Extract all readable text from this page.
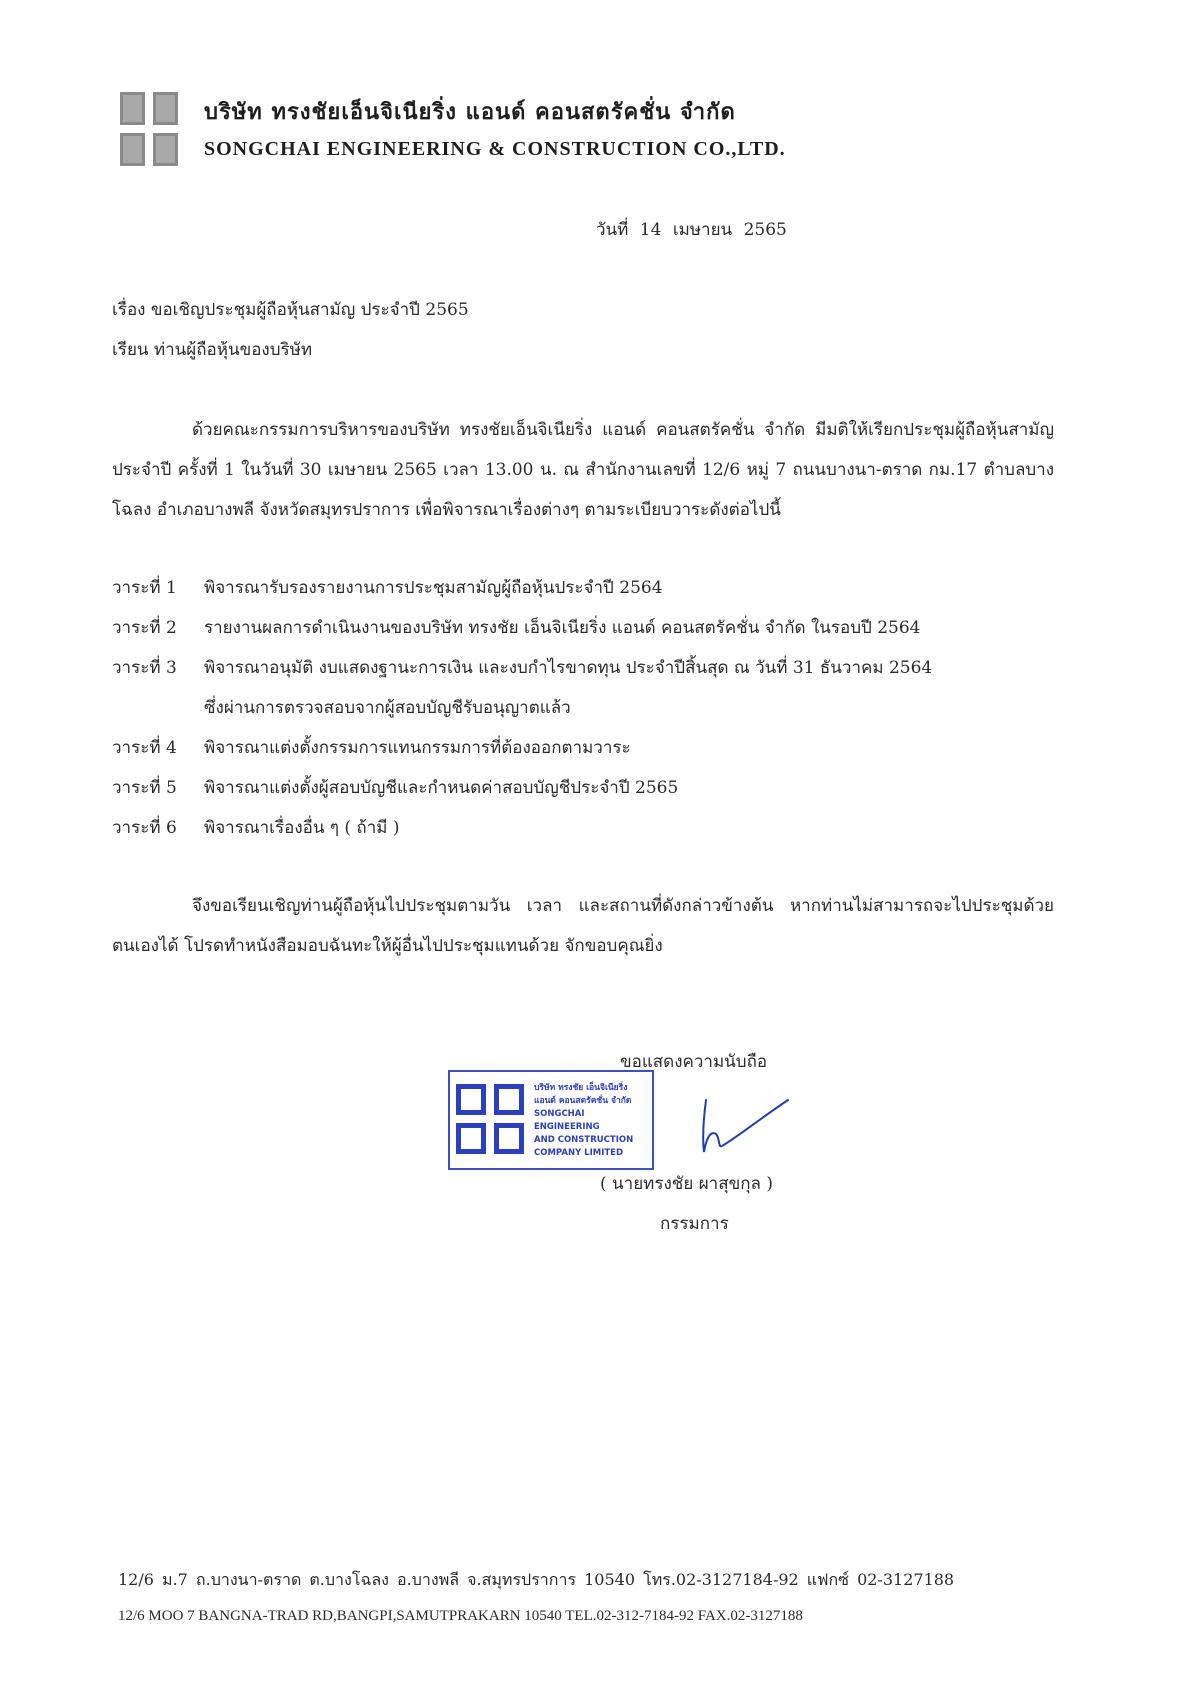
บริษัท ทรงชัยเอ็นจิเนียริ่ง แอนด์ คอนสตรัคชั่น จำกัด
SONGCHAI ENGINEERING & CONSTRUCTION CO.,LTD.
วันที่ 14 เมษายน 2565
เรื่อง ขอเชิญประชุมผู้ถือหุ้นสามัญ ประจำปี 2565
เรียน ท่านผู้ถือหุ้นของบริษัท
ด้วยคณะกรรมการบริหารของบริษัท ทรงชัยเอ็นจิเนียริ่ง แอนด์ คอนสตรัคชั่น จำกัด มีมติให้เรียกประชุมผู้ถือหุ้นสามัญประจำปี ครั้งที่ 1 ในวันที่ 30 เมษายน 2565 เวลา 13.00 น. ณ สำนักงานเลขที่ 12/6 หมู่ 7 ถนนบางนา-ตราด กม.17 ตำบลบางโฉลง อำเภอบางพลี จังหวัดสมุทรปราการ เพื่อพิจารณาเรื่องต่างๆ ตามระเบียบวาระดังต่อไปนี้
วาระที่ 1 พิจารณารับรองรายงานการประชุมสามัญผู้ถือหุ้นประจำปี 2564
วาระที่ 2 รายงานผลการดำเนินงานของบริษัท ทรงชัย เอ็นจิเนียริ่ง แอนด์ คอนสตรัคชั่น จำกัด ในรอบปี 2564
วาระที่ 3 พิจารณาอนุมัติ งบแสดงฐานะการเงิน และงบกำไรขาดทุน ประจำปีสิ้นสุด ณ วันที่ 31 ธันวาคม 2564
ซึ่งผ่านการตรวจสอบจากผู้สอบบัญชีรับอนุญาตแล้ว
วาระที่ 4 พิจารณาแต่งตั้งกรรมการแทนกรรมการที่ต้องออกตามวาระ
วาระที่ 5 พิจารณาแต่งตั้งผู้สอบบัญชีและกำหนดค่าสอบบัญชีประจำปี 2565
วาระที่ 6 พิจารณาเรื่องอื่น ๆ ( ถ้ามี )
จึงขอเรียนเชิญท่านผู้ถือหุ้นไปประชุมตามวัน เวลา และสถานที่ดังกล่าวข้างต้น หากท่านไม่สามารถจะไปประชุมด้วยตนเองได้ โปรดทำหนังสือมอบฉันทะให้ผู้อื่นไปประชุมแทนด้วย จักขอบคุณยิ่ง
ขอแสดงความนับถือ
บริษัท ทรงชัย เอ็นจิเนียริ่ง
แอนด์ คอนสตรัคชั่น จำกัด
SONGCHAI ENGINEERING
AND CONSTRUCTION
COMPANY LIMITED
( นายทรงชัย ผาสุขกุล )
กรรมการ
12/6 ม.7 ถ.บางนา-ตราด ต.บางโฉลง อ.บางพลี จ.สมุทรปราการ 10540 โทร.02-3127184-92 แฟกซ์ 02-3127188
12/6 MOO 7 BANGNA-TRAD RD,BANGPI,SAMUTPRAKARN 10540 TEL.02-312-7184-92 FAX.02-3127188
